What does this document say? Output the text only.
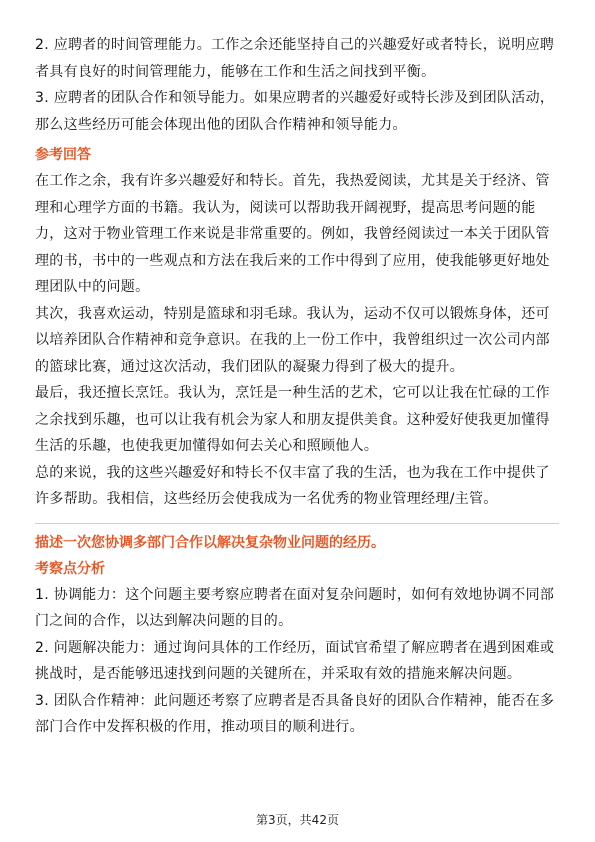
2. 应聘者的时间管理能力。工作之余还能坚持自己的兴趣爱好或者特长，说明应聘者具有良好的时间管理能力，能够在工作和生活之间找到平衡。

3. 应聘者的团队合作和领导能力。如果应聘者的兴趣爱好或特长涉及到团队活动，那么这些经历可能会体现出他的团队合作精神和领导能力。

参考回答

在工作之余，我有许多兴趣爱好和特长。首先，我热爱阅读，尤其是关于经济、管理和心理学方面的书籍。我认为，阅读可以帮助我开阔视野，提高思考问题的能力，这对于物业管理工作来说是非常重要的。例如，我曾经阅读过一本关于团队管理的书，书中的一些观点和方法在我后来的工作中得到了应用，使我能够更好地处理团队中的问题。

其次，我喜欢运动，特别是篮球和羽毛球。我认为，运动不仅可以锻炼身体，还可以培养团队合作精神和竞争意识。在我的上一份工作中，我曾组织过一次公司内部的篮球比赛，通过这次活动，我们团队的凝聚力得到了极大的提升。

最后，我还擅长烹饪。我认为，烹饪是一种生活的艺术，它可以让我在忙碌的工作之余找到乐趣，也可以让我有机会为家人和朋友提供美食。这种爱好使我更加懂得生活的乐趣，也使我更加懂得如何去关心和照顾他人。

总的来说，我的这些兴趣爱好和特长不仅丰富了我的生活，也为我在工作中提供了许多帮助。我相信，这些经历会使我成为一名优秀的物业管理经理/主管。

描述一次您协调多部门合作以解决复杂物业问题的经历。
考察点分析

1. 协调能力：这个问题主要考察应聘者在面对复杂问题时，如何有效地协调不同部门之间的合作，以达到解决问题的目的。

2. 问题解决能力：通过询问具体的工作经历，面试官希望了解应聘者在遇到困难或挑战时，是否能够迅速找到问题的关键所在，并采取有效的措施来解决问题。

3. 团队合作精神：此问题还考察了应聘者是否具备良好的团队合作精神，能否在多部门合作中发挥积极的作用，推动项目的顺利进行。

第3页，共42页
